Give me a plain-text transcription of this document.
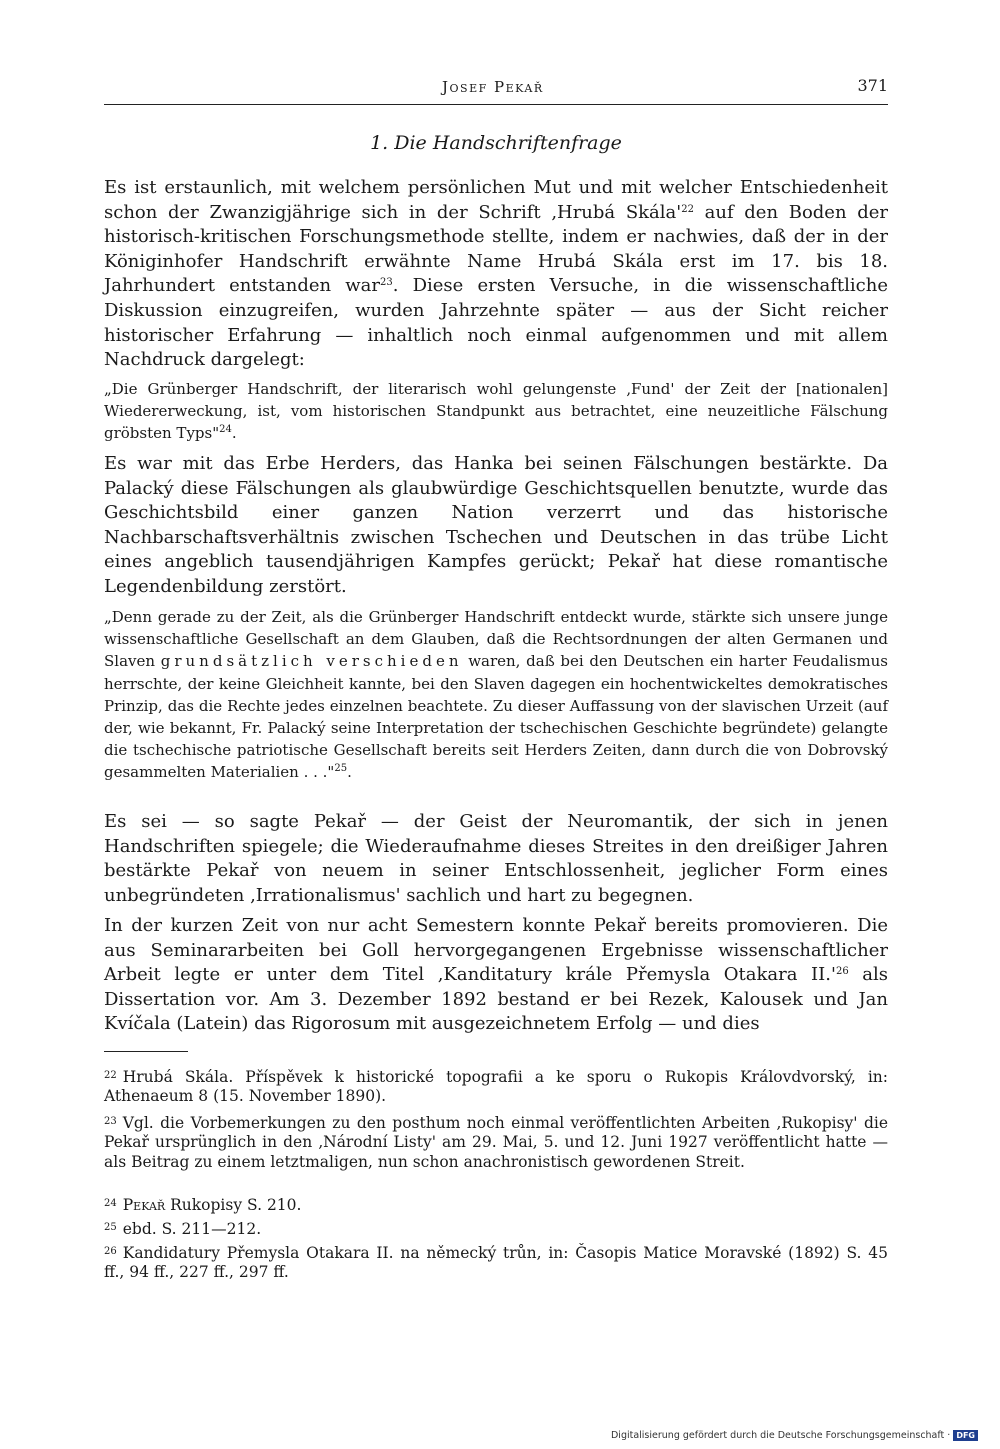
Josef Pekař	371
1. Die Handschriftenfrage

Es ist erstaunlich, mit welchem persönlichen Mut und mit welcher Entschiedenheit schon der Zwanzigjährige sich in der Schrift ‚Hrubá $Skála'^{22}$ auf den Boden der historisch-kritischen Forschungsmethode stellte, indem er nachwies, daß der in der Königinhofer Handschrift erwähnte Name Hrubá Skála erst im 17. bis 18. Jahrhundert entstanden war$^{23}$. Diese ersten Versuche, in die wissenschaftliche Diskussion einzugreifen, wurden Jahrzehnte später — aus der Sicht reicher historischer Erfahrung — inhaltlich noch einmal aufgenommen und mit allem Nachdruck dargelegt:

„Die Grünberger Handschrift, der literarisch wohl gelungenste ‚Fund' der Zeit der [nationalen] Wiedererweckung, ist, vom historischen Standpunkt aus betrachtet, eine neuzeitliche Fälschung gröbsten Typs"$^{24}$.

Es war mit das Erbe Herders, das Hanka bei seinen Fälschungen bestärkte. Da Palacký diese Fälschungen als glaubwürdige Geschichtsquellen benutzte, wurde das Geschichtsbild einer ganzen Nation verzerrt und das historische Nachbarschaftsverhältnis zwischen Tschechen und Deutschen in das trübe Licht eines angeblich tausendjährigen Kampfes gerückt; Pekař hat diese romantische Legendenbildung zerstört.

„Denn gerade zu der Zeit, als die Grünberger Handschrift entdeckt wurde, stärkte sich unsere junge wissenschaftliche Gesellschaft an dem Glauben, daß die Rechtsordnungen der alten Germanen und Slaven grundsätzlich verschieden waren, daß bei den Deutschen ein harter Feudalismus herrschte, der keine Gleichheit kannte, bei den Slaven dagegen ein hochentwickeltes demokratisches Prinzip, das die Rechte jedes einzelnen beachtete. Zu dieser Auffassung von der slavischen Urzeit (auf der, wie bekannt, Fr. Palacký seine Interpretation der tschechischen Geschichte begründete) gelangte die tschechische patriotische Gesellschaft bereits seit Herders Zeiten, dann durch die von Dobrovský gesammelten Materialien . . ."$^{25}$.

Es sei — so sagte Pekař — der Geist der Neuromantik, der sich in jenen Handschriften spiegele; die Wiederaufnahme dieses Streites in den dreißiger Jahren bestärkte Pekař von neuem in seiner Entschlossenheit, jeglicher Form eines unbegründeten ‚Irrationalismus' sachlich und hart zu begegnen.

In der kurzen Zeit von nur acht Semestern konnte Pekař bereits promovieren. Die aus Seminararbeiten bei Goll hervorgegangenen Ergebnisse wissenschaftlicher Arbeit legte er unter dem Titel ‚Kanditatury krále Přemysla Otakara $II.'^{26}$ als Dissertation vor. Am 3. Dezember 1892 bestand er bei Rezek, Kalousek und Jan Kvíčala (Latein) das Rigorosum mit ausgezeichnetem Erfolg — und dies

$^{22}$ Hrubá Skála. Příspěvek k historické topografii a ke sporu o Rukopis Královdvorský, in: Athenaeum 8 (15. November 1890).

$^{23}$ Vgl. die Vorbemerkungen zu den posthum noch einmal veröffentlichten Arbeiten ‚Rukopisy' die Pekař ursprünglich in den ‚Národní Listy' am 29. Mai, 5. und 12. Juni 1927 veröffentlicht hatte — als Beitrag zu einem letztmaligen, nun schon anachronistisch gewordenen Streit.

$^{24}$ Pekař Rukopisy S. 210.

$^{25}$ ebd. S. 211—212.

$^{26}$ Kandidatury Přemysla Otakara II. na německý trůn, in: Časopis Matice Moravské (1892) S. 45 ff., 94 ff., 227 ff., 297 ff.

Digitalisierung gefördert durch die Deutsche Forschungsgemeinschaft · DFG
